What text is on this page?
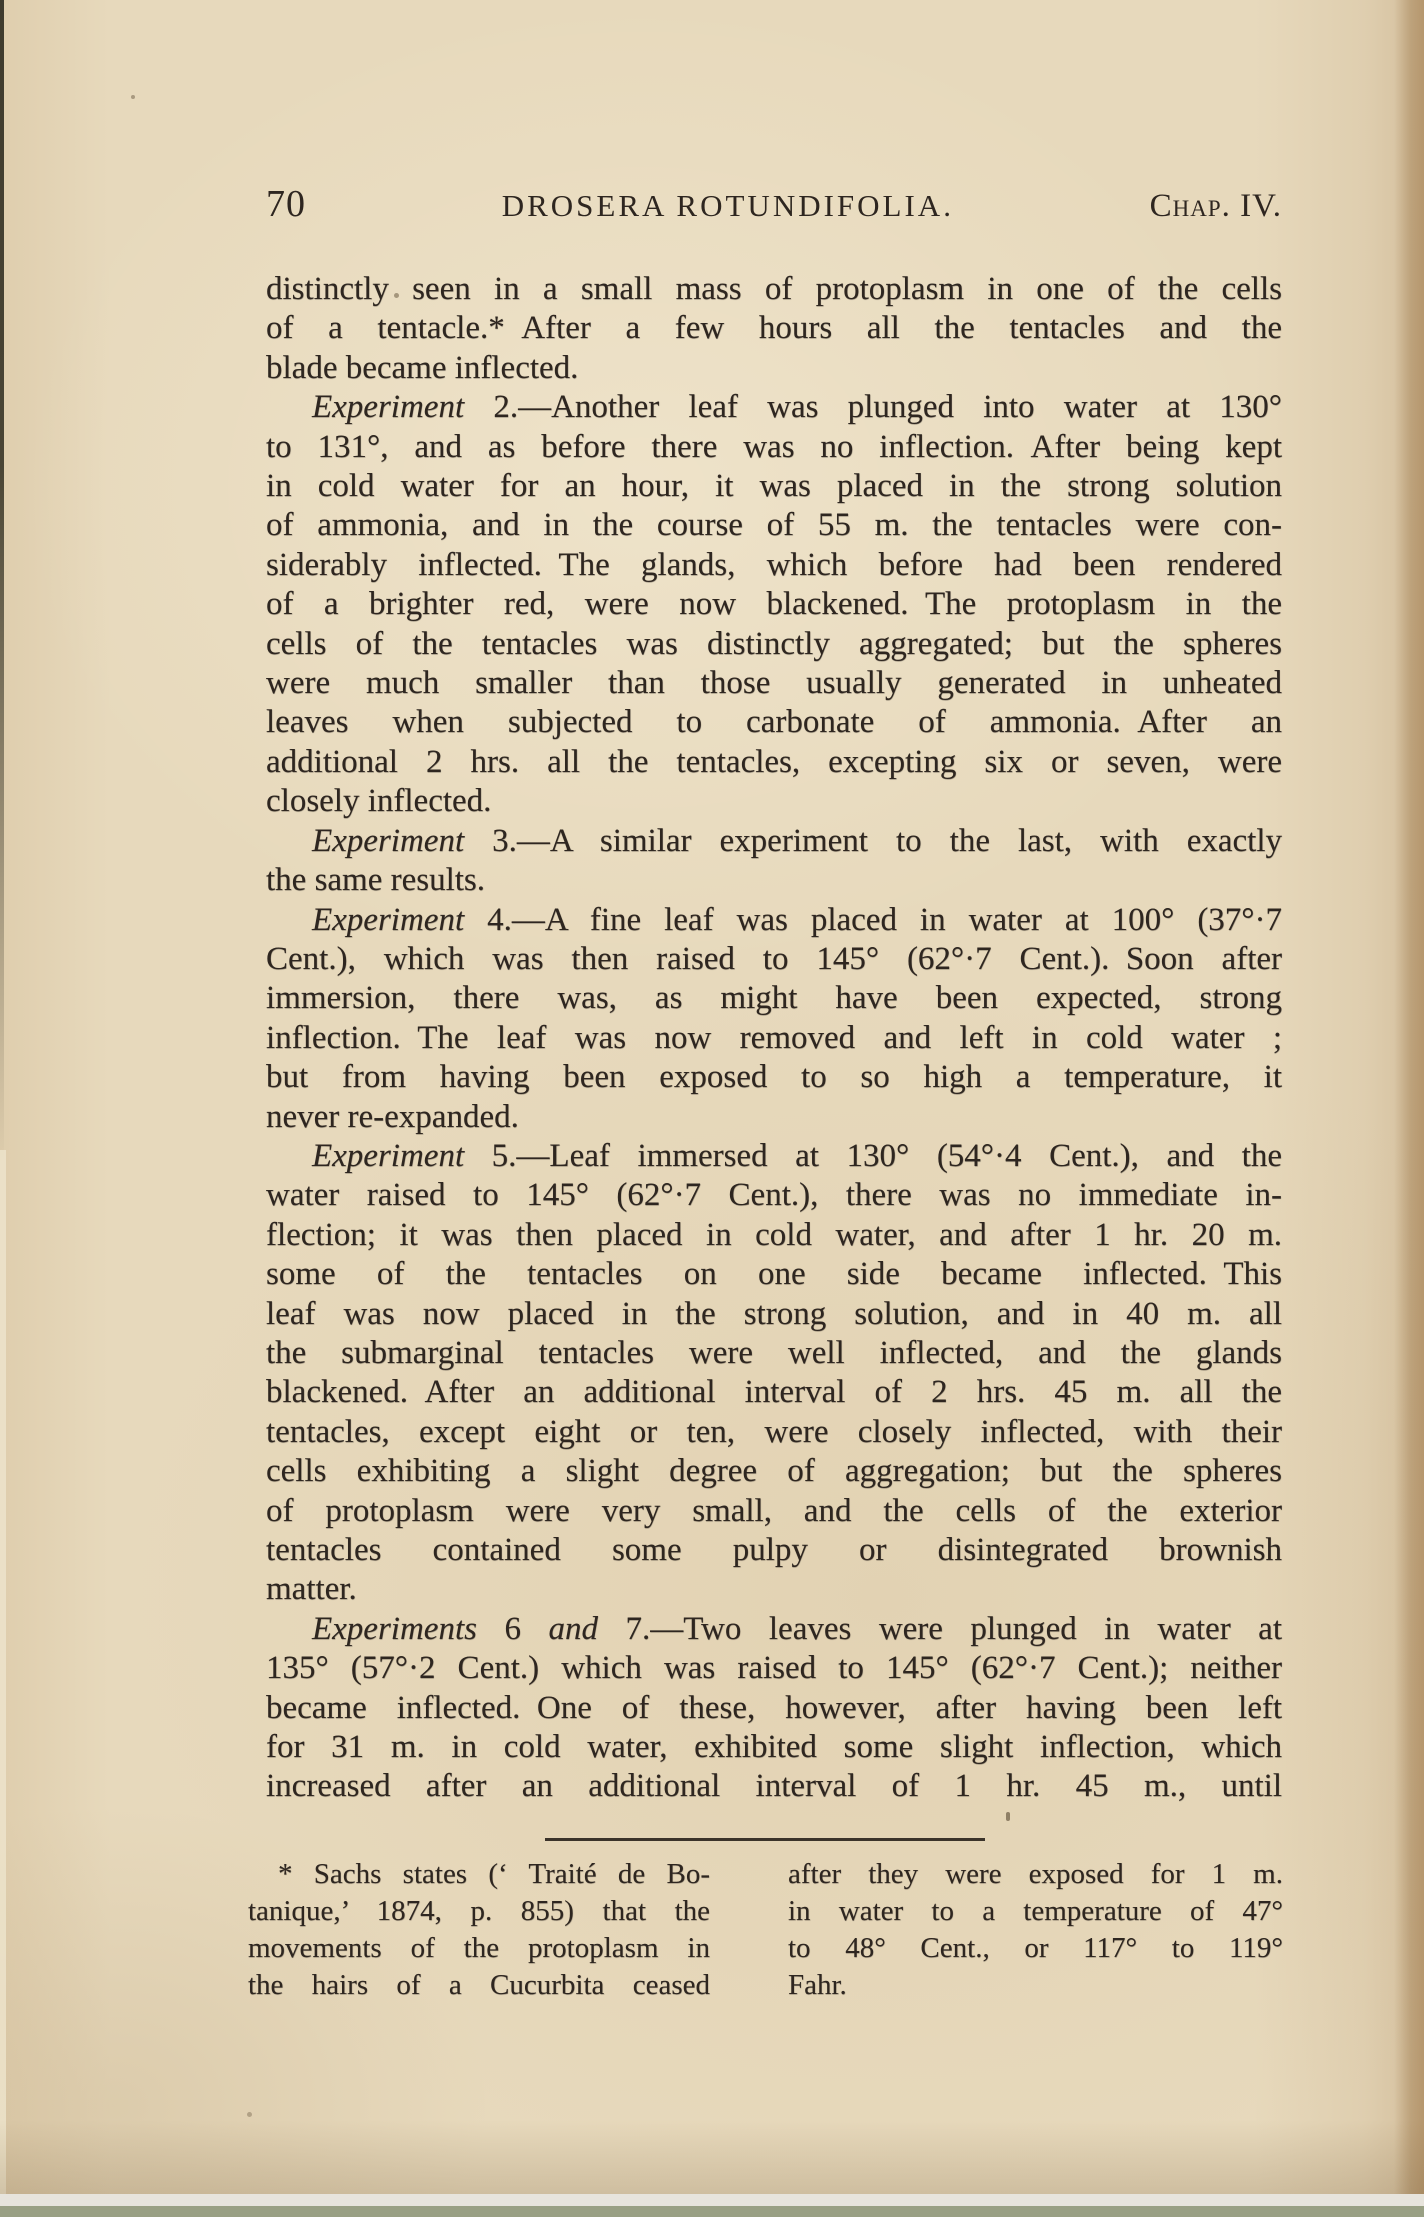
70	DROSERA ROTUNDIFOLIA.	Chap. IV.
distinctly seen in a small mass of protoplasm in one of the cells
of a tentacle.* After a few hours all the tentacles and the
blade became inflected.
Experiment 2.—Another leaf was plunged into water at 130°
to 131°, and as before there was no inflection. After being kept
in cold water for an hour, it was placed in the strong solution
of ammonia, and in the course of 55 m. the tentacles were con-
siderably inflected. The glands, which before had been rendered
of a brighter red, were now blackened. The protoplasm in the
cells of the tentacles was distinctly aggregated; but the spheres
were much smaller than those usually generated in unheated
leaves when subjected to carbonate of ammonia. After an
additional 2 hrs. all the tentacles, excepting six or seven, were
closely inflected.
Experiment 3.—A similar experiment to the last, with exactly
the same results.
Experiment 4.—A fine leaf was placed in water at 100° (37°·7
Cent.), which was then raised to 145° (62°·7 Cent.). Soon after
immersion, there was, as might have been expected, strong
inflection. The leaf was now removed and left in cold water ;
but from having been exposed to so high a temperature, it
never re-expanded.
Experiment 5.—Leaf immersed at 130° (54°·4 Cent.), and the
water raised to 145° (62°·7 Cent.), there was no immediate in-
flection; it was then placed in cold water, and after 1 hr. 20 m.
some of the tentacles on one side became inflected. This
leaf was now placed in the strong solution, and in 40 m. all
the submarginal tentacles were well inflected, and the glands
blackened. After an additional interval of 2 hrs. 45 m. all the
tentacles, except eight or ten, were closely inflected, with their
cells exhibiting a slight degree of aggregation; but the spheres
of protoplasm were very small, and the cells of the exterior
tentacles contained some pulpy or disintegrated brownish
matter.
Experiments 6 and 7.—Two leaves were plunged in water at
135° (57°·2 Cent.) which was raised to 145° (62°·7 Cent.); neither
became inflected. One of these, however, after having been left
for 31 m. in cold water, exhibited some slight inflection, which
increased after an additional interval of 1 hr. 45 m., until
* Sachs states (‘ Traité de Bo-
tanique,’ 1874, p. 855) that the
movements of the protoplasm in
the hairs of a Cucurbita ceased
after they were exposed for 1 m.
in water to a temperature of 47°
to 48° Cent., or 117° to 119°
Fahr.
